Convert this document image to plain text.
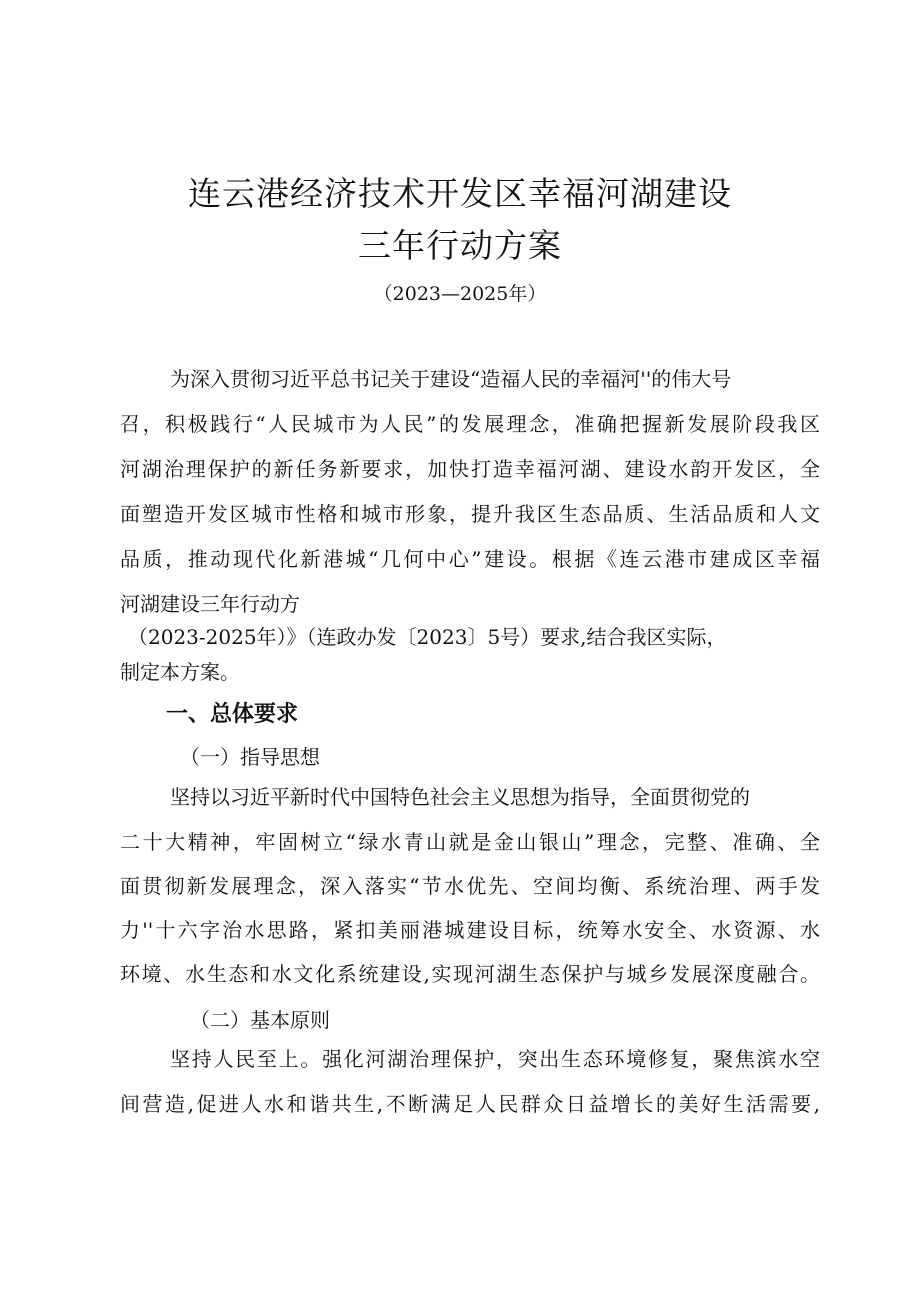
连云港经济技术开发区幸福河湖建设
三年行动方案
（2023—2025年）
为深入贯彻习近平总书记关于建设“造福人民的幸福河''的伟大号
召，积极践行“人民城市为人民”的发展理念，准确把握新发展阶段我区
河湖治理保护的新任务新要求，加快打造幸福河湖、建设水韵开发区，全
面塑造开发区城市性格和城市形象，提升我区生态品质、生活品质和人文
品质，推动现代化新港城“几何中心”建设。根据《连云港市建成区幸福
河湖建设三年行动方
（2023-2025年）》（连政办发〔2023〕5号）要求,结合我区实际，
制定本方案。
一、总体要求
（一）指导思想
坚持以习近平新时代中国特色社会主义思想为指导，全面贯彻党的
二十大精神，牢固树立“绿水青山就是金山银山”理念，完整、准确、全
面贯彻新发展理念，深入落实“节水优先、空间均衡、系统治理、两手发
力''十六字治水思路，紧扣美丽港城建设目标，统筹水安全、水资源、水
环境、水生态和水文化系统建设,实现河湖生态保护与城乡发展深度融合。
（二）基本原则
坚持人民至上。强化河湖治理保护，突出生态环境修复，聚焦滨水空
间营造,促进人水和谐共生,不断满足人民群众日益增长的美好生活需要,
